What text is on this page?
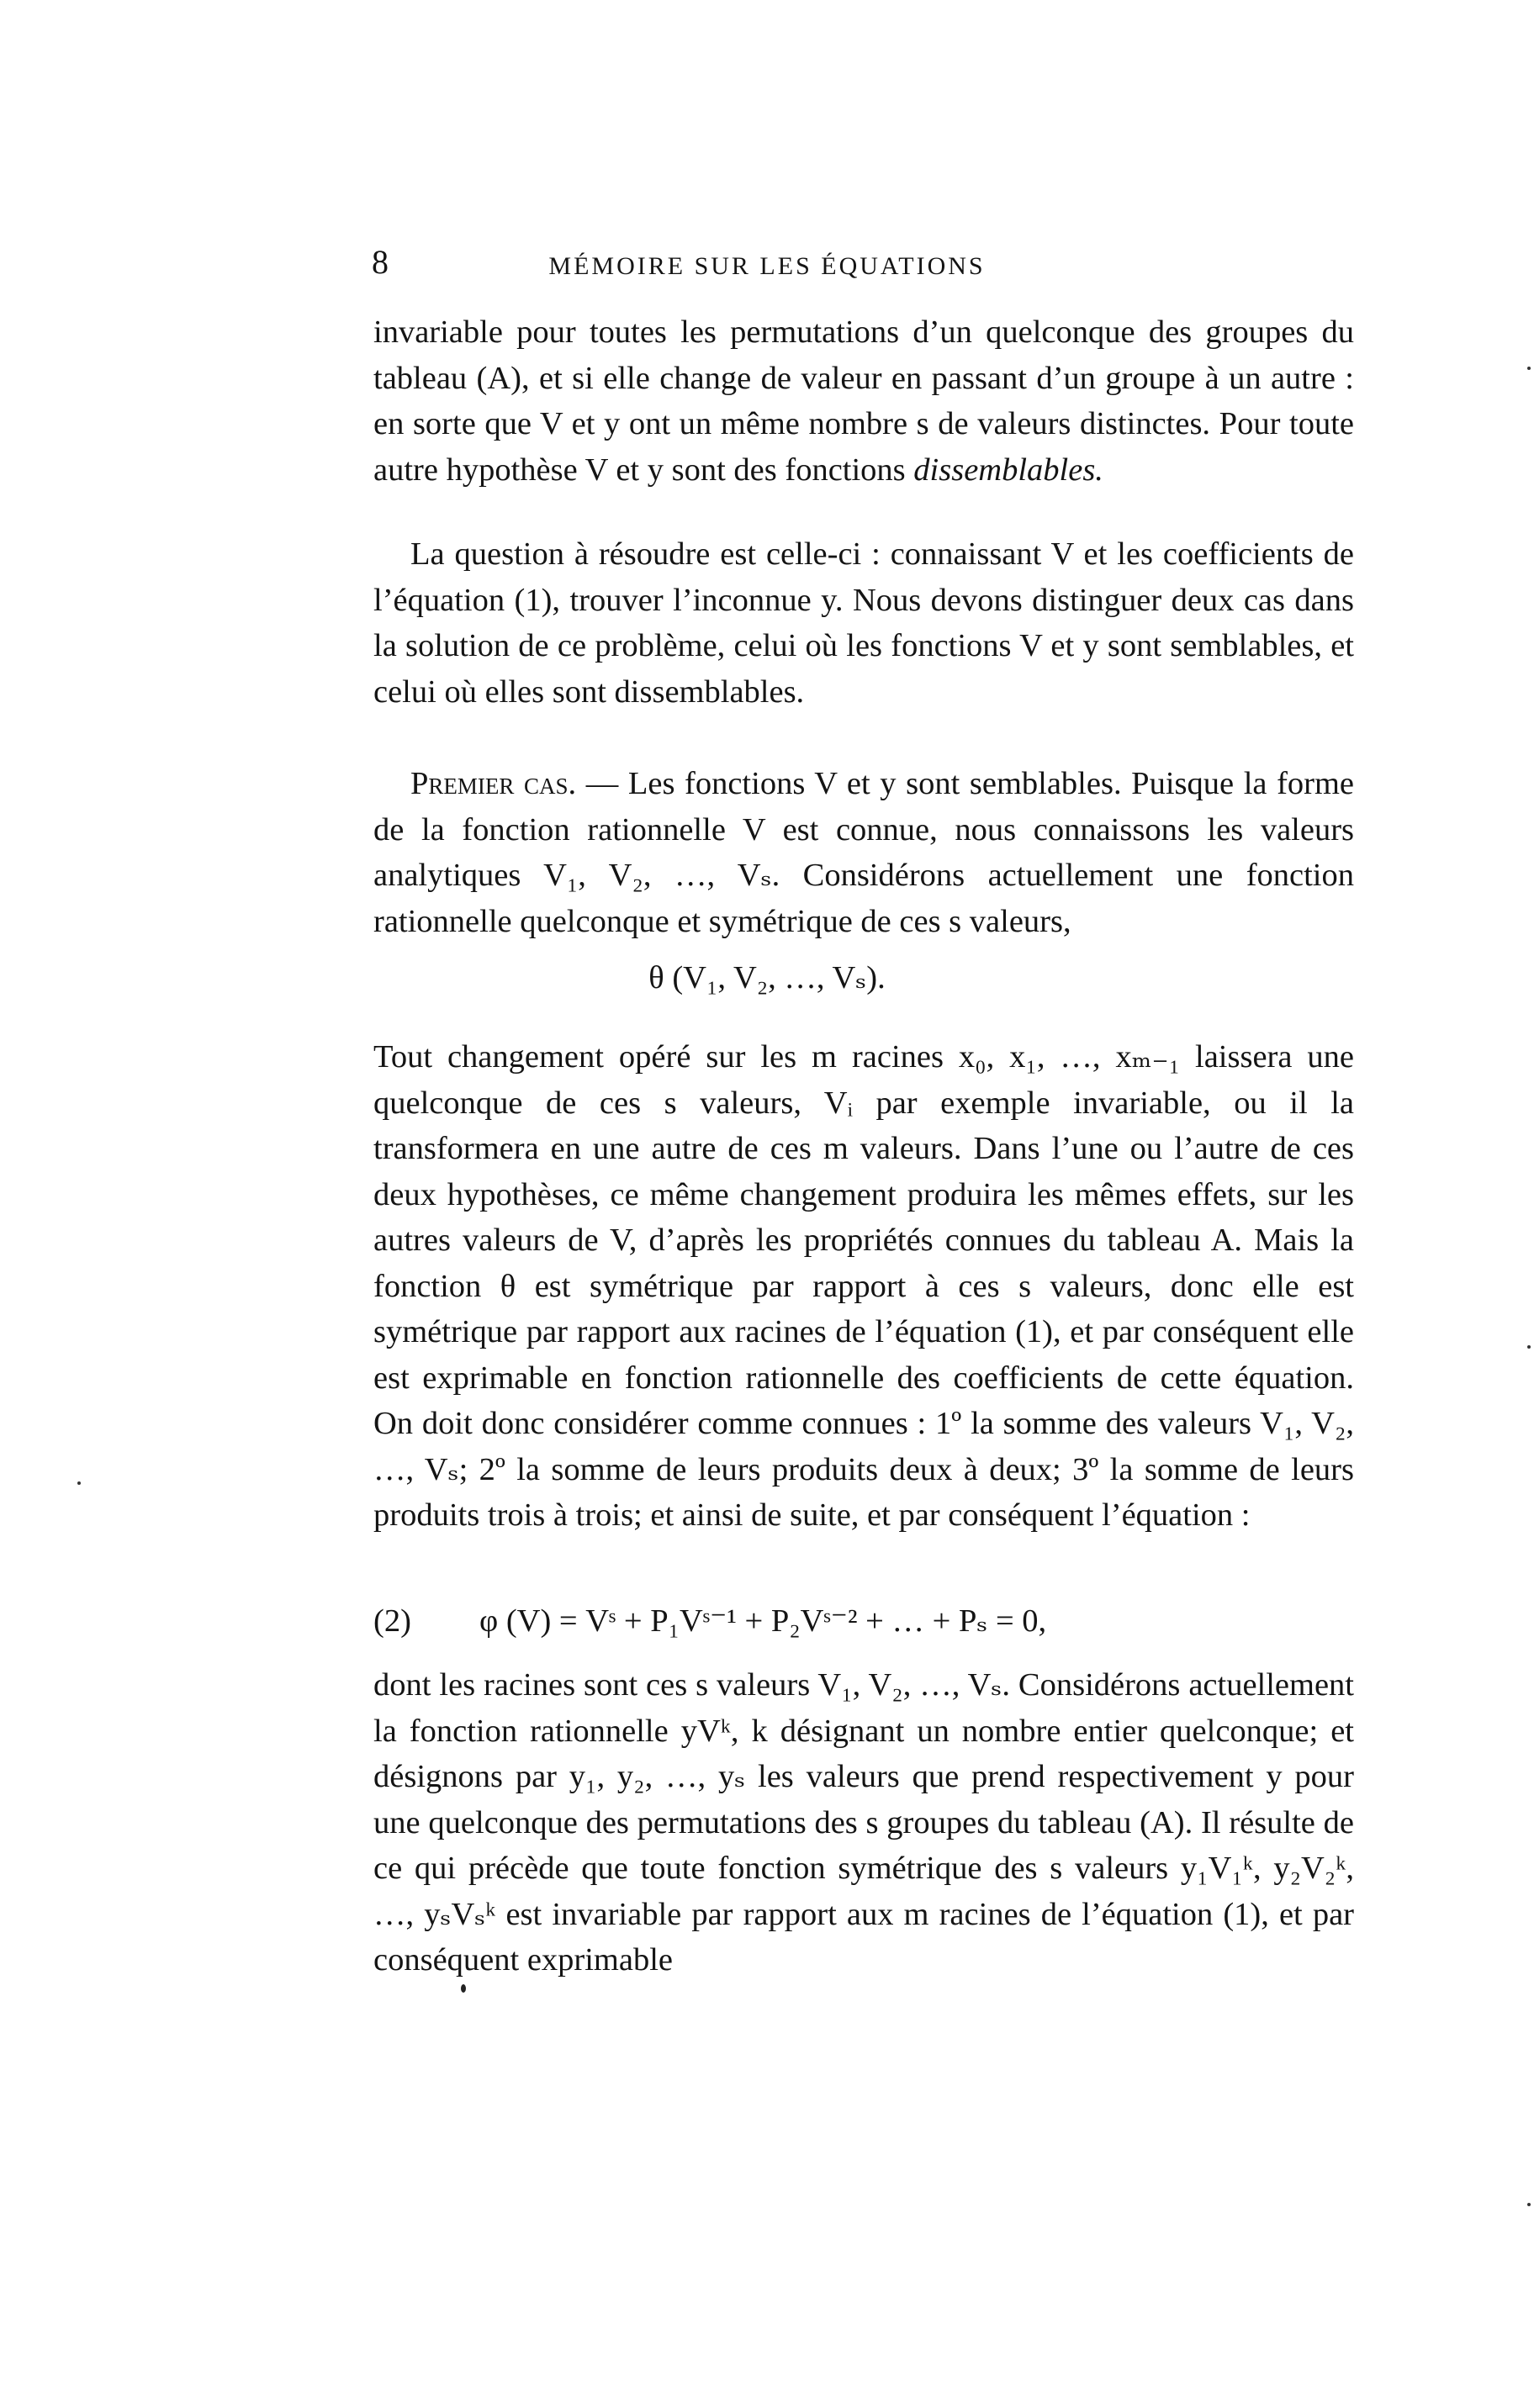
8	MÉMOIRE SUR LES ÉQUATIONS

invariable pour toutes les permutations d’un quelconque des groupes du tableau (A), et si elle change de valeur en passant d’un groupe à un autre : en sorte que V et y ont un même nombre s de valeurs distinctes. Pour toute autre hypothèse V et y sont des fonctions dissemblables.

La question à résoudre est celle-ci : connaissant V et les coefficients de l’équation (1), trouver l’inconnue y. Nous devons distinguer deux cas dans la solution de ce problème, celui où les fonctions V et y sont semblables, et celui où elles sont dissemblables.

Premier cas. — Les fonctions V et y sont semblables. Puisque la forme de la fonction rationnelle V est connue, nous connaissons les valeurs analytiques V₁, V₂, …, Vₛ. Considérons actuellement une fonction rationnelle quelconque et symétrique de ces s valeurs,

θ (V₁, V₂, …, Vₛ).

Tout changement opéré sur les m racines x₀, x₁, …, xₘ₋₁ laissera une quelconque de ces s valeurs, Vᵢ par exemple invariable, ou il la transformera en une autre de ces m valeurs. Dans l’une ou l’autre de ces deux hypothèses, ce même changement produira les mêmes effets, sur les autres valeurs de V, d’après les propriétés connues du tableau A. Mais la fonction θ est symétrique par rapport à ces s valeurs, donc elle est symétrique par rapport aux racines de l’équation (1), et par conséquent elle est exprimable en fonction rationnelle des coefficients de cette équation. On doit donc considérer comme connues : 1º la somme des valeurs V₁, V₂, …, Vₛ; 2º la somme de leurs produits deux à deux; 3º la somme de leurs produits trois à trois; et ainsi de suite, et par conséquent l’équation :

(2) φ (V) = Vˢ + P₁Vˢ⁻¹ + P₂Vˢ⁻² + … + Pₛ = 0,

dont les racines sont ces s valeurs V₁, V₂, …, Vₛ. Considérons actuellement la fonction rationnelle yVᵏ, k désignant un nombre entier quelconque; et désignons par y₁, y₂, …, yₛ les valeurs que prend respectivement y pour une quelconque des permutations des s groupes du tableau (A). Il résulte de ce qui précède que toute fonction symétrique des s valeurs y₁V₁ᵏ, y₂V₂ᵏ, …, yₛVₛᵏ est invariable par rapport aux m racines de l’équation (1), et par conséquent exprimable
